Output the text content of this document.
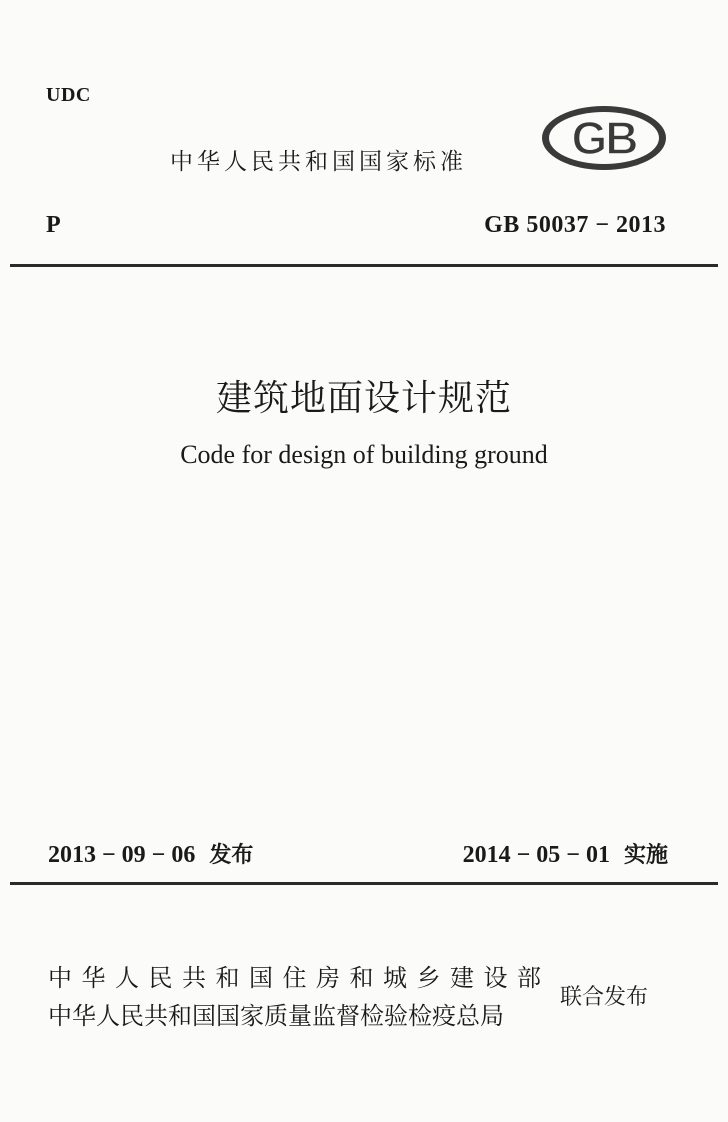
UDC
中华人民共和国国家标准 GB
P	GB 50037 − 2013
建筑地面设计规范
Code for design of building ground
2013 − 09 − 06 发布	2014 − 05 − 01 实施
中华人民共和国住房和城乡建设部
中华人民共和国国家质量监督检验检疫总局
联合发布
